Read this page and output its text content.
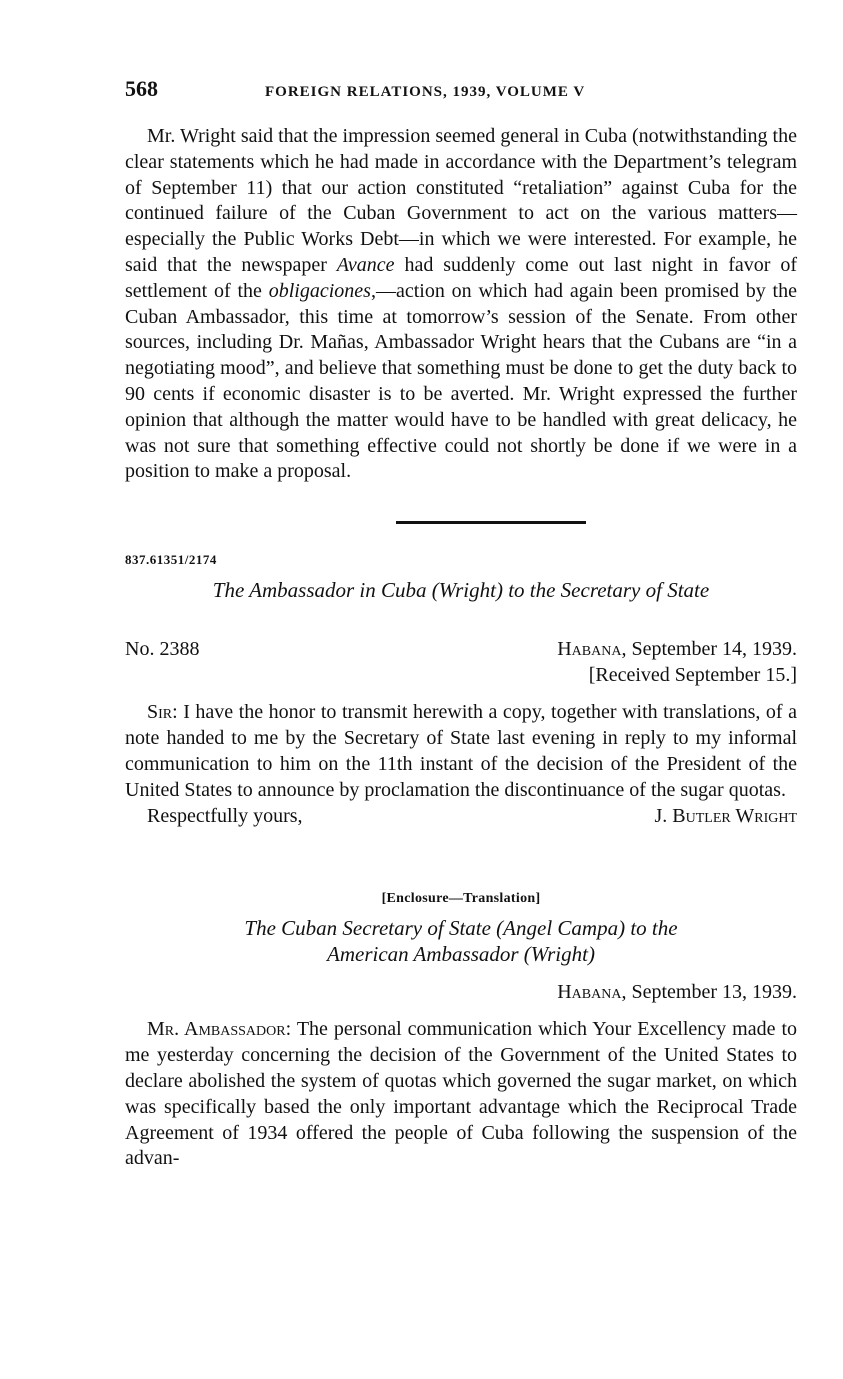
568	FOREIGN RELATIONS, 1939, VOLUME V

Mr. Wright said that the impression seemed general in Cuba (notwithstanding the clear statements which he had made in accordance with the Department’s telegram of September 11) that our action constituted “retaliation” against Cuba for the continued failure of the Cuban Government to act on the various matters—especially the Public Works Debt—in which we were interested. For example, he said that the newspaper Avance had suddenly come out last night in favor of settlement of the obligaciones,—action on which had again been promised by the Cuban Ambassador, this time at tomorrow’s session of the Senate. From other sources, including Dr. Mañas, Ambassador Wright hears that the Cubans are “in a negotiating mood”, and believe that something must be done to get the duty back to 90 cents if economic disaster is to be averted. Mr. Wright expressed the further opinion that although the matter would have to be handled with great delicacy, he was not sure that something effective could not shortly be done if we were in a position to make a proposal.

837.61351/2174
The Ambassador in Cuba (Wright) to the Secretary of State
No. 2388	Habana, September 14, 1939.
[Received September 15.]

Sir: I have the honor to transmit herewith a copy, together with translations, of a note handed to me by the Secretary of State last evening in reply to my informal communication to him on the 11th instant of the decision of the President of the United States to announce by proclamation the discontinuance of the sugar quotas.

Respectfully yours,	J. Butler Wright
[Enclosure—Translation]
The Cuban Secretary of State (Angel Campa) to the
American Ambassador (Wright)
Habana, September 13, 1939.

Mr. Ambassador: The personal communication which Your Excellency made to me yesterday concerning the decision of the Government of the United States to declare abolished the system of quotas which governed the sugar market, on which was specifically based the only important advantage which the Reciprocal Trade Agreement of 1934 offered the people of Cuba following the suspension of the advan-
